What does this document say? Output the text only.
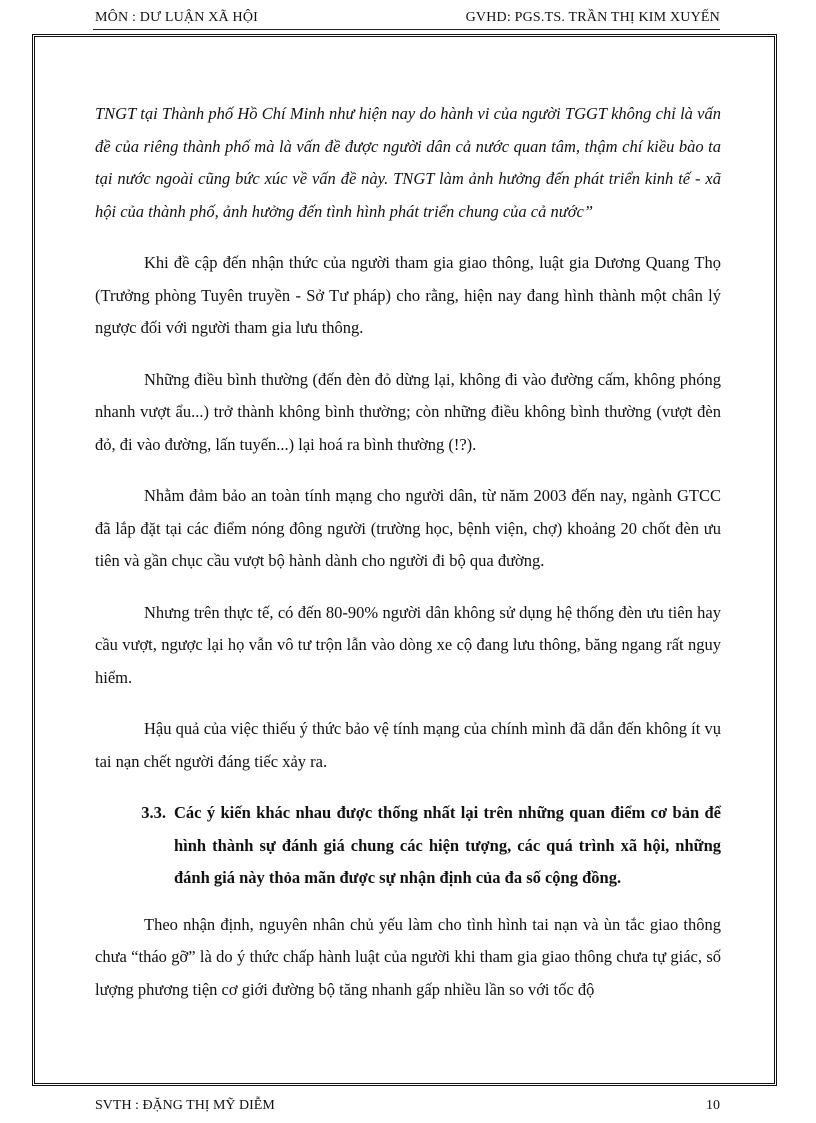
MÔN : DƯ LUẬN XÃ HỘI	GVHD: PGS.TS. TRẦN THỊ KIM XUYẾN

TNGT tại Thành phố Hồ Chí Minh như hiện nay do hành vi của người TGGT không chỉ là vấn đề của riêng thành phố mà là vấn đề được người dân cả nước quan tâm, thậm chí kiều bào ta tại nước ngoài cũng bức xúc về vấn đề này. TNGT làm ảnh hưởng đến phát triển kinh tế - xã hội của thành phố, ảnh hưởng đến tình hình phát triển chung của cả nước”

Khi đề cập đến nhận thức của người tham gia giao thông, luật gia Dương Quang Thọ (Trưởng phòng Tuyên truyền - Sở Tư pháp) cho rằng, hiện nay đang hình thành một chân lý ngược đối với người tham gia lưu thông.

Những điều bình thường (đến đèn đỏ dừng lại, không đi vào đường cấm, không phóng nhanh vượt ẩu...) trở thành không bình thường; còn những điều không bình thường (vượt đèn đỏ, đi vào đường, lấn tuyến...) lại hoá ra bình thường (!?).

Nhằm đảm bảo an toàn tính mạng cho người dân, từ năm 2003 đến nay, ngành GTCC đã lắp đặt tại các điểm nóng đông người (trường học, bệnh viện, chợ) khoảng 20 chốt đèn ưu tiên và gần chục cầu vượt bộ hành dành cho người đi bộ qua đường.

Nhưng trên thực tế, có đến 80-90% người dân không sử dụng hệ thống đèn ưu tiên hay cầu vượt, ngược lại họ vẫn vô tư trộn lẫn vào dòng xe cộ đang lưu thông, băng ngang rất nguy hiểm.

Hậu quả của việc thiếu ý thức bảo vệ tính mạng của chính mình đã dẫn đến không ít vụ tai nạn chết người đáng tiếc xảy ra.

3.3. Các ý kiến khác nhau được thống nhất lại trên những quan điểm cơ bản để hình thành sự đánh giá chung các hiện tượng, các quá trình xã hội, những đánh giá này thỏa mãn được sự nhận định của đa số cộng đồng.

Theo nhận định, nguyên nhân chủ yếu làm cho tình hình tai nạn và ùn tắc giao thông chưa “tháo gỡ” là do ý thức chấp hành luật của người khi tham gia giao thông chưa tự giác, số lượng phương tiện cơ giới đường bộ tăng nhanh gấp nhiều lần so với tốc độ

SVTH : ĐẶNG THỊ MỸ DIỄM	10
